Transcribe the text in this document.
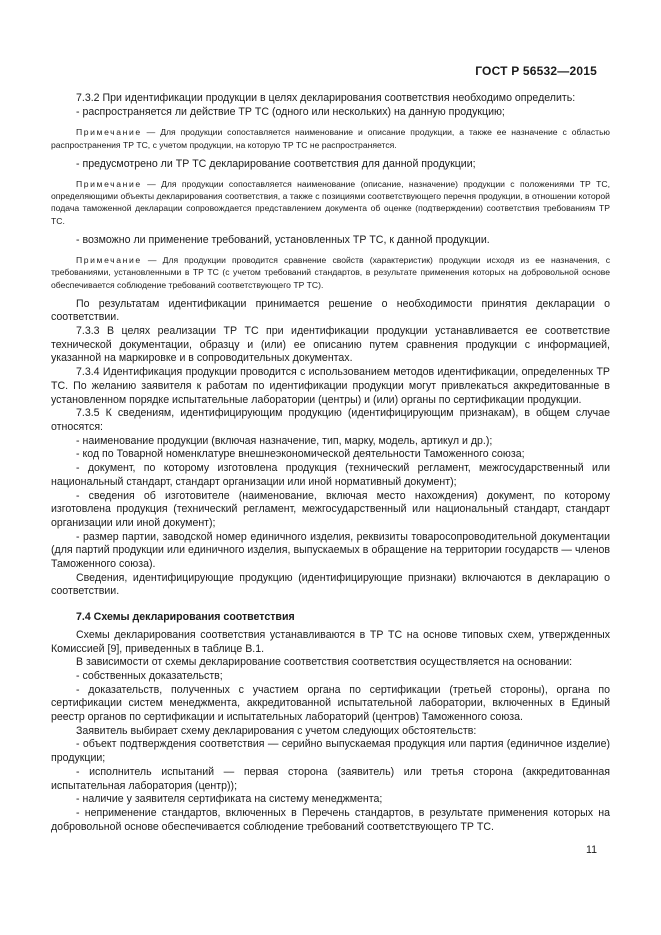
ГОСТ Р 56532—2015

7.3.2 При идентификации продукции в целях декларирования соответствия необходимо определить:

- распространяется ли действие ТР ТС (одного или нескольких) на данную продукцию;

Примечание — Для продукции сопоставляется наименование и описание продукции, а также ее назначение с областью распространения ТР ТС, с учетом продукции, на которую ТР ТС не распространяется.

- предусмотрено ли ТР ТС декларирование соответствия для данной продукции;

Примечание — Для продукции сопоставляется наименование (описание, назначение) продукции с положениями ТР ТС, определяющими объекты декларирования соответствия, а также с позициями соответствующего перечня продукции, в отношении которой подача таможенной декларации сопровождается представлением документа об оценке (подтверждении) соответствия требованиям ТР ТС.

- возможно ли применение требований, установленных ТР ТС, к данной продукции.

Примечание — Для продукции проводится сравнение свойств (характеристик) продукции исходя из ее назначения, с требованиями, установленными в ТР ТС (с учетом требований стандартов, в результате применения которых на добровольной основе обеспечивается соблюдение требований соответствующего ТР ТС).

По результатам идентификации принимается решение о необходимости принятия декларации о соответствии.

7.3.3 В целях реализации ТР ТС при идентификации продукции устанавливается ее соответствие технической документации, образцу и (или) ее описанию путем сравнения продукции с информацией, указанной на маркировке и в сопроводительных документах.

7.3.4 Идентификация продукции проводится с использованием методов идентификации, определенных ТР ТС. По желанию заявителя к работам по идентификации продукции могут привлекаться аккредитованные в установленном порядке испытательные лаборатории (центры) и (или) органы по сертификации продукции.

7.3.5 К сведениям, идентифицирующим продукцию (идентифицирующим признакам), в общем случае относятся:

- наименование продукции (включая назначение, тип, марку, модель, артикул и др.);

- код по Товарной номенклатуре внешнеэкономической деятельности Таможенного союза;

- документ, по которому изготовлена продукция (технический регламент, межгосударственный или национальный стандарт, стандарт организации или иной нормативный документ);

- сведения об изготовителе (наименование, включая место нахождения) документ, по которому изготовлена продукция (технический регламент, межгосударственный или национальный стандарт, стандарт организации или иной документ);

- размер партии, заводской номер единичного изделия, реквизиты товаросопроводительной документации (для партий продукции или единичного изделия, выпускаемых в обращение на территории государств — членов Таможенного союза).

Сведения, идентифицирующие продукцию (идентифицирующие признаки) включаются в декларацию о соответствии.

7.4 Схемы декларирования соответствия

Схемы декларирования соответствия устанавливаются в ТР ТС на основе типовых схем, утвержденных Комиссией [9], приведенных в таблице В.1.

В зависимости от схемы декларирование соответствия соответствия осуществляется на основании:

- собственных доказательств;

- доказательств, полученных с участием органа по сертификации (третьей стороны), органа по сертификации систем менеджмента, аккредитованной испытательной лаборатории, включенных в Единый реестр органов по сертификации и испытательных лабораторий (центров) Таможенного союза.

Заявитель выбирает схему декларирования с учетом следующих обстоятельств:

- объект подтверждения соответствия — серийно выпускаемая продукция или партия (единичное изделие) продукции;

- исполнитель испытаний — первая сторона (заявитель) или третья сторона (аккредитованная испытательная лаборатория (центр));

- наличие у заявителя сертификата на систему менеджмента;

- неприменение стандартов, включенных в Перечень стандартов, в результате применения которых на добровольной основе обеспечивается соблюдение требований соответствующего ТР ТС.

11
